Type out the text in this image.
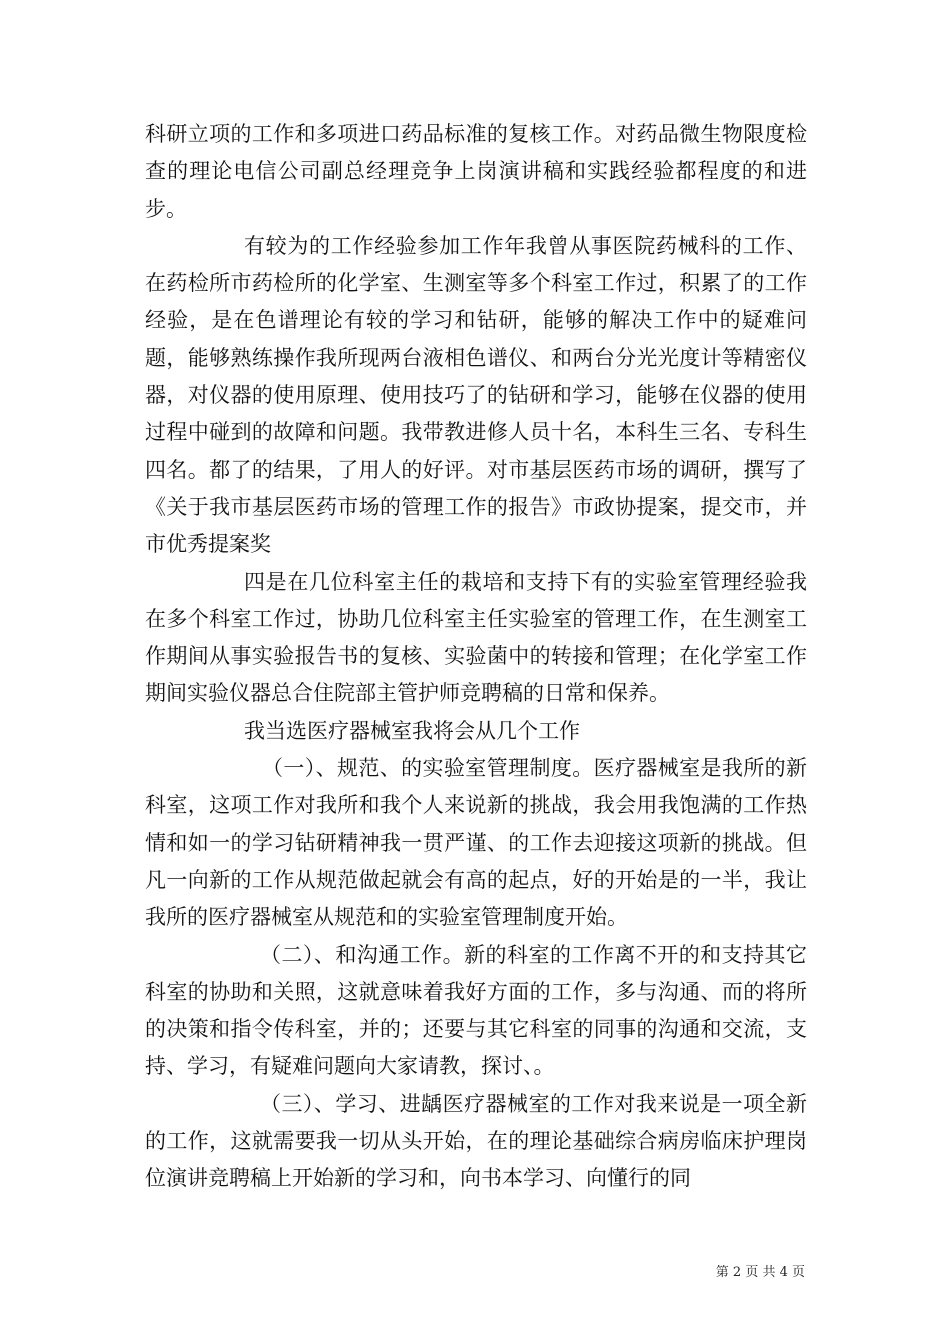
科研立项的工作和多项进口药品标准的复核工作。对药品微生物限度检查的理论电信公司副总经理竞争上岗演讲稿和实践经验都程度的和进步。

有较为的工作经验参加工作年我曾从事医院药械科的工作、在药检所市药检所的化学室、生测室等多个科室工作过，积累了的工作经验，是在色谱理论有较的学习和钻研，能够的解决工作中的疑难问题，能够熟练操作我所现两台液相色谱仪、和两台分光光度计等精密仪器，对仪器的使用原理、使用技巧了的钻研和学习，能够在仪器的使用过程中碰到的故障和问题。我带教进修人员十名，本科生三名、专科生四名。都了的结果，了用人的好评。对市基层医药市场的调研，撰写了《关于我市基层医药市场的管理工作的报告》市政协提案，提交市，并市优秀提案奖

四是在几位科室主任的栽培和支持下有的实验室管理经验我在多个科室工作过，协助几位科室主任实验室的管理工作，在生测室工作期间从事实验报告书的复核、实验菌中的转接和管理；在化学室工作期间实验仪器总合住院部主管护师竞聘稿的日常和保养。

我当选医疗器械室我将会从几个工作

（一）、规范、的实验室管理制度。医疗器械室是我所的新科室，这项工作对我所和我个人来说新的挑战，我会用我饱满的工作热情和如一的学习钻研精神我一贯严谨、的工作去迎接这项新的挑战。但凡一向新的工作从规范做起就会有高的起点，好的开始是的一半，我让我所的医疗器械室从规范和的实验室管理制度开始。

（二）、和沟通工作。新的科室的工作离不开的和支持其它科室的协助和关照，这就意味着我好方面的工作，多与沟通、而的将所的决策和指令传科室，并的；还要与其它科室的同事的沟通和交流，支持、学习，有疑难问题向大家请教，探讨、。

（三）、学习、进龋医疗器械室的工作对我来说是一项全新的工作，这就需要我一切从头开始，在的理论基础综合病房临床护理岗位演讲竞聘稿上开始新的学习和，向书本学习、向懂行的同

第 2 页 共 4 页
